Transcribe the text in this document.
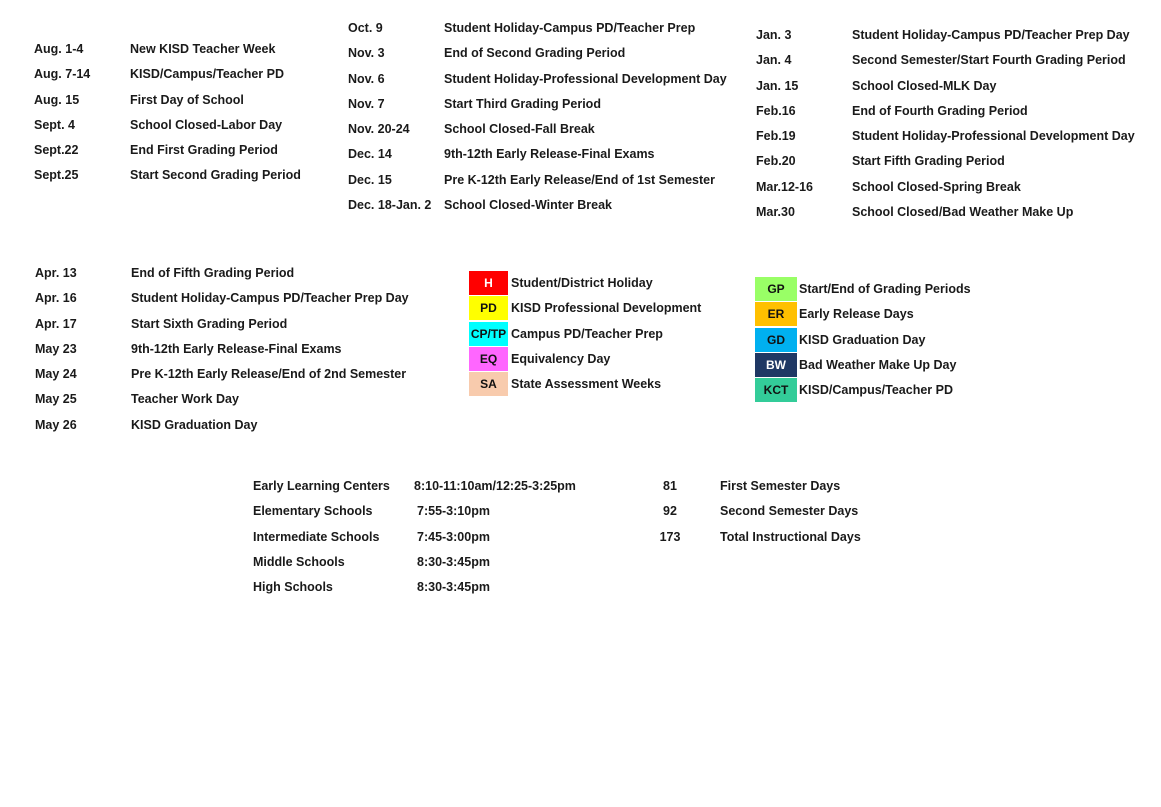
Aug. 1-4	New KISD Teacher Week
Aug. 7-14	KISD/Campus/Teacher PD
Aug. 15	First Day of School
Sept. 4	School Closed-Labor Day
Sept.22	End First Grading Period
Sept.25	Start Second Grading Period
Oct. 9	Student Holiday-Campus PD/Teacher Prep
Nov. 3	End of Second Grading Period
Nov. 6	Student Holiday-Professional Development Day
Nov. 7	Start Third Grading Period
Nov. 20-24	School Closed-Fall Break
Dec. 14	9th-12th Early Release-Final Exams
Dec. 15	Pre K-12th Early Release/End of 1st Semester
Dec. 18-Jan. 2 School Closed-Winter Break
Jan. 3	Student Holiday-Campus PD/Teacher Prep Day
Jan. 4	Second Semester/Start Fourth Grading Period
Jan. 15	School Closed-MLK Day
Feb.16	End of Fourth Grading Period
Feb.19	Student Holiday-Professional Development Day
Feb.20	Start Fifth Grading Period
Mar.12-16	School Closed-Spring Break
Mar.30	School Closed/Bad Weather Make Up
Apr. 13	End of Fifth Grading Period
Apr. 16	Student Holiday-Campus PD/Teacher Prep Day
Apr. 17	Start Sixth Grading Period
May 23	9th-12th Early Release-Final Exams
May 24	Pre K-12th Early Release/End of 2nd Semester
May 25	Teacher Work Day
May 26	KISD Graduation Day
H	Student/District Holiday
PD	KISD Professional Development
CP/TP Campus PD/Teacher Prep
EQ	Equivalency Day
SA	State Assessment Weeks
GP	Start/End of Grading Periods
ER	Early Release Days
GD	KISD Graduation Day
BW	Bad Weather Make Up Day
KCT KISD/Campus/Teacher PD
Early Learning Centers 8:10-11:10am/12:25-3:25pm
Elementary Schools	7:55-3:10pm
Intermediate Schools	7:45-3:00pm
Middle Schools	8:30-3:45pm
High Schools	8:30-3:45pm
81	First Semester Days
92	Second Semester Days
173	Total Instructional Days
